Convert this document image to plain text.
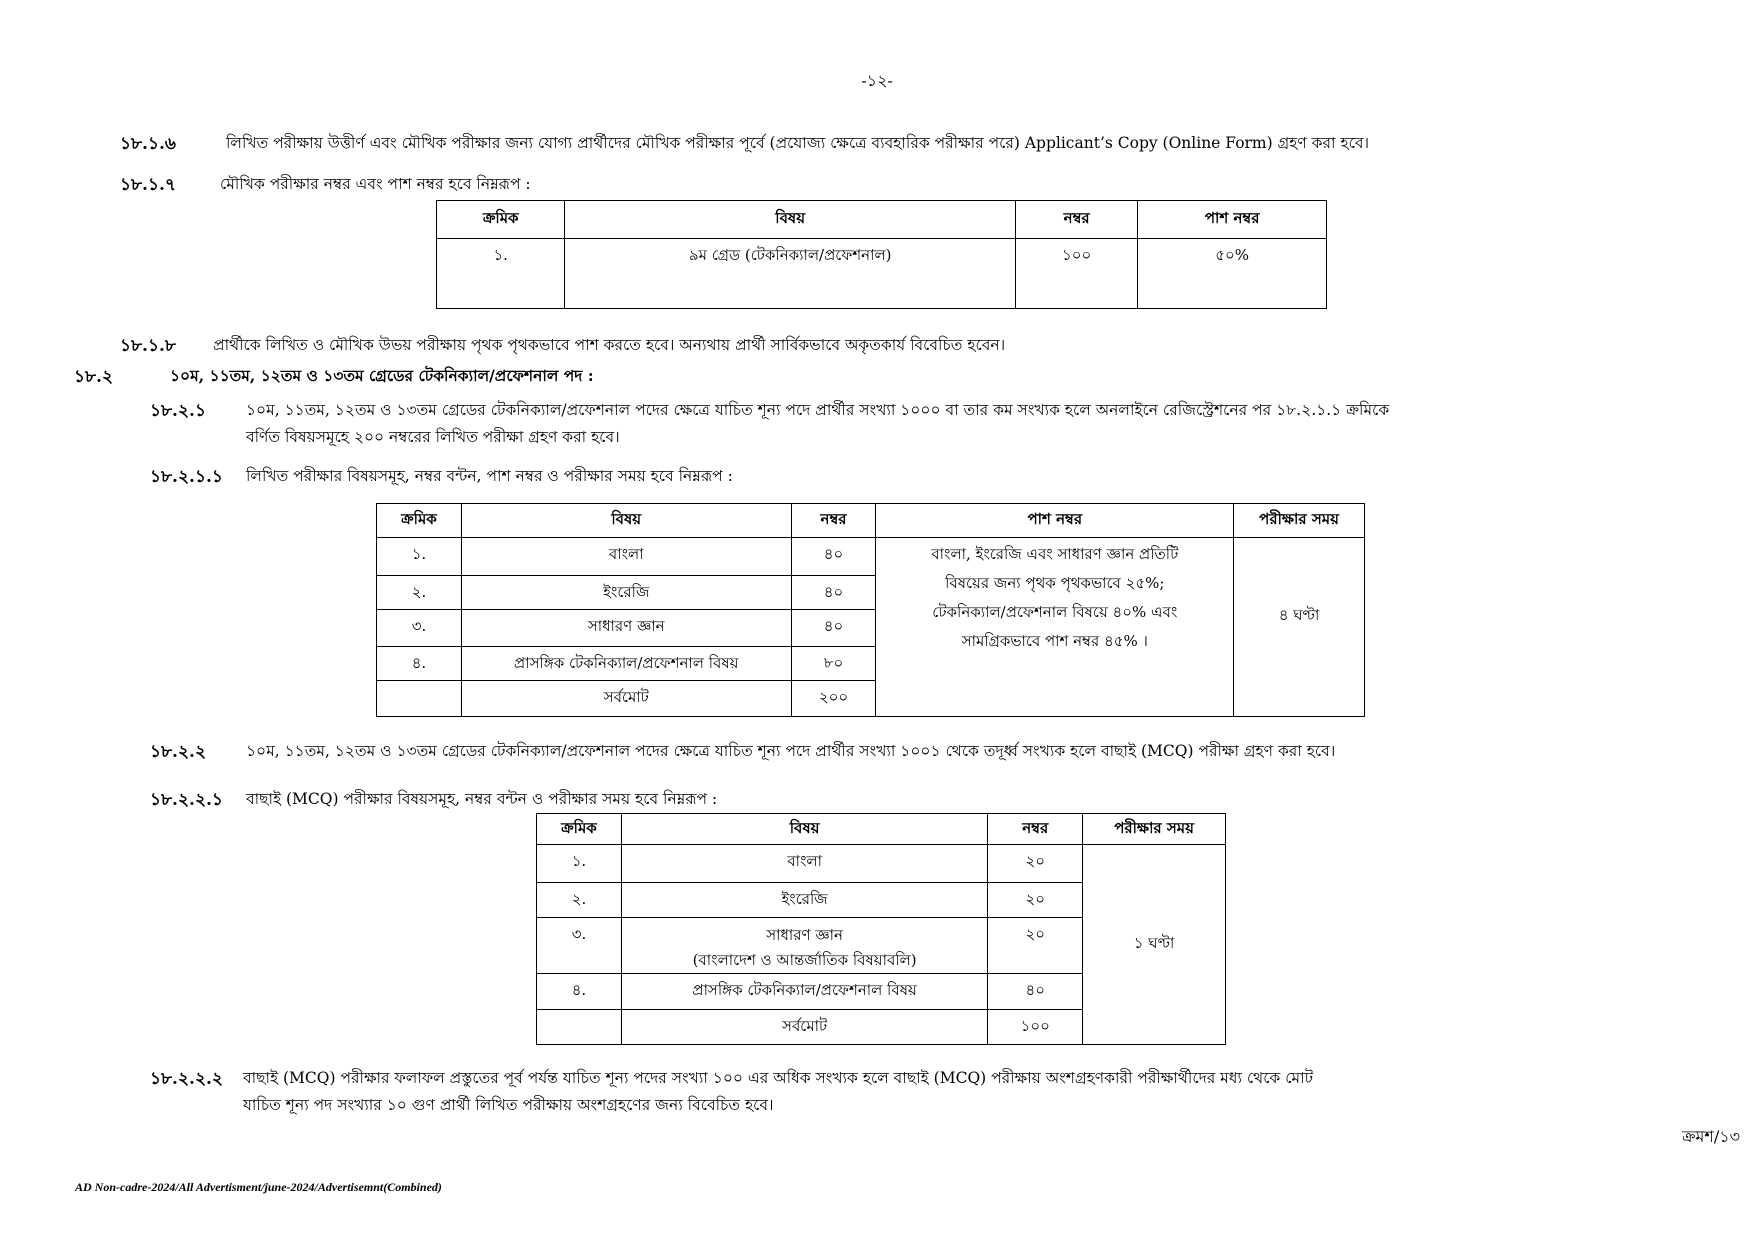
-১২-
১৮.১.৬	লিখিত পরীক্ষায় উত্তীর্ণ এবং মৌখিক পরীক্ষার জন্য যোগ্য প্রার্থীদের মৌখিক পরীক্ষার পূর্বে (প্রযোজ্য ক্ষেত্রে ব্যবহারিক পরীক্ষার পরে) Applicant’s Copy (Online Form) গ্রহণ করা হবে।
১৮.১.৭	মৌখিক পরীক্ষার নম্বর এবং পাশ নম্বর হবে নিম্নরূপ :
ক্রমিক	বিষয়	নম্বর	পাশ নম্বর
১.	৯ম গ্রেড (টেকনিক্যাল/প্রফেশনাল)	১০০	৫০%
১৮.১.৮ প্রার্থীকে লিখিত ও মৌখিক উভয় পরীক্ষায় পৃথক পৃথকভাবে পাশ করতে হবে। অন্যথায় প্রার্থী সার্বিকভাবে অকৃতকার্য বিবেচিত হবেন।
১৮.২	১০ম, ১১তম, ১২তম ও ১৩তম গ্রেডের টেকনিক্যাল/প্রফেশনাল পদ :
১৮.২.১	১০ম, ১১তম, ১২তম ও ১৩তম গ্রেডের টেকনিক্যাল/প্রফেশনাল পদের ক্ষেত্রে যাচিত শূন্য পদে প্রার্থীর সংখ্যা ১০০০ বা তার কম সংখ্যক হলে অনলাইনে রেজিস্ট্রেশনের পর ১৮.২.১.১ ক্রমিকে
বর্ণিত বিষয়সমূহে ২০০ নম্বরের লিখিত পরীক্ষা গ্রহণ করা হবে।
১৮.২.১.১ লিখিত পরীক্ষার বিষয়সমূহ, নম্বর বন্টন, পাশ নম্বর ও পরীক্ষার সময় হবে নিম্নরূপ :
ক্রমিক	বিষয়	নম্বর	পাশ নম্বর	পরীক্ষার সময়
১.	বাংলা	৪০	বাংলা, ইংরেজি এবং সাধারণ জ্ঞান প্রতিটি
বিষয়ের জন্য পৃথক পৃথকভাবে ২৫%;
টেকনিক্যাল/প্রফেশনাল বিষয়ে ৪০% এবং
সামগ্রিকভাবে পাশ নম্বর ৪৫% ।	৪ ঘণ্টা
২.	ইংরেজি	৪০		
৩.	সাধারণ জ্ঞান	৪০		
৪.	প্রাসঙ্গিক টেকনিক্যাল/প্রফেশনাল বিষয়	৮০		
	সর্বমোট	২০০		
১৮.২.২	১০ম, ১১তম, ১২তম ও ১৩তম গ্রেডের টেকনিক্যাল/প্রফেশনাল পদের ক্ষেত্রে যাচিত শূন্য পদে প্রার্থীর সংখ্যা ১০০১ থেকে তদূর্ধ্ব সংখ্যক হলে বাছাই (MCQ) পরীক্ষা গ্রহণ করা হবে।
১৮.২.২.১ বাছাই (MCQ) পরীক্ষার বিষয়সমূহ, নম্বর বন্টন ও পরীক্ষার সময় হবে নিম্নরূপ :
ক্রমিক	বিষয়	নম্বর	পরীক্ষার সময়
১.	বাংলা	২০	১ ঘণ্টা
২.	ইংরেজি	২০	
৩.	সাধারণ জ্ঞান
(বাংলাদেশ ও আন্তর্জাতিক বিষয়াবলি)	২০	
৪.	প্রাসঙ্গিক টেকনিক্যাল/প্রফেশনাল বিষয়	৪০	
	সর্বমোট	১০০	
১৮.২.২.২ বাছাই (MCQ) পরীক্ষার ফলাফল প্রস্তুতের পূর্ব পর্যন্ত যাচিত শূন্য পদের সংখ্যা ১০০ এর অধিক সংখ্যক হলে বাছাই (MCQ) পরীক্ষায় অংশগ্রহণকারী পরীক্ষার্থীদের মধ্য থেকে মোট
যাচিত শূন্য পদ সংখ্যার ১০ গুণ প্রার্থী লিখিত পরীক্ষায় অংশগ্রহণের জন্য বিবেচিত হবে।
ক্রমশ/১৩
AD Non-cadre-2024/All Advertisment/june-2024/Advertisemnt(Combined)
